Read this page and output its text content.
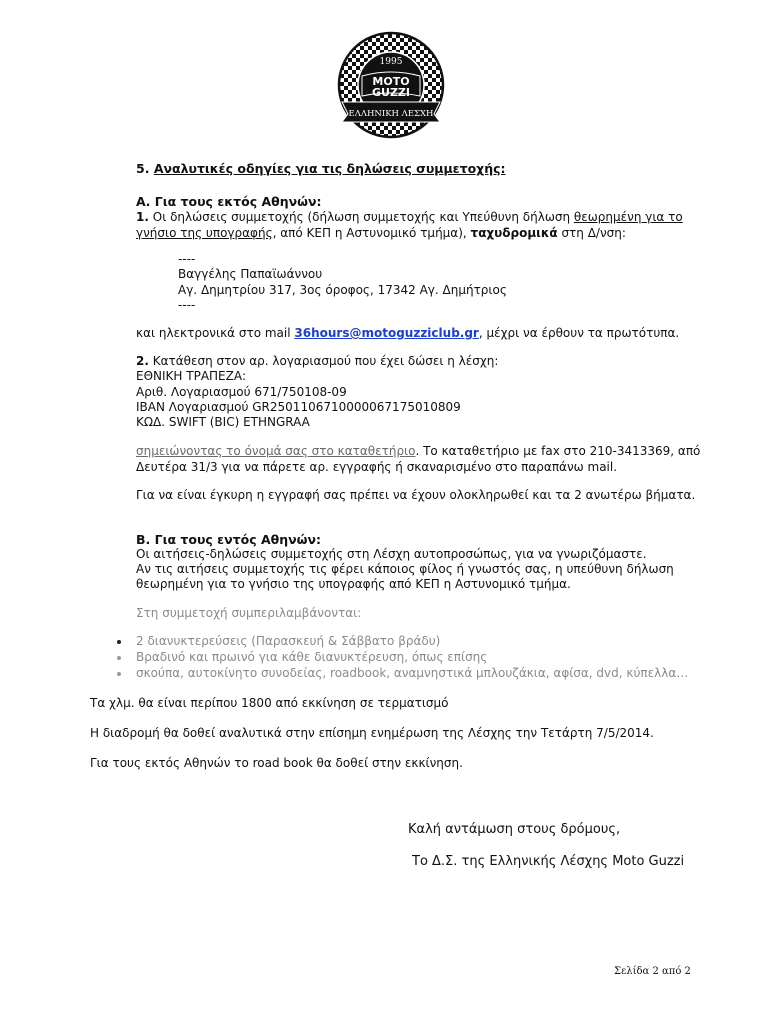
1995
MOTO
GUZZI
ΕΛΛΗΝΙΚΗ ΛΕΣΧΗ
5. Αναλυτικές οδηγίες για τις δηλώσεις συμμετοχής:
Α. Για τους εκτός Αθηνών:
1. Οι δηλώσεις συμμετοχής (δήλωση συμμετοχής και Υπεύθυνη δήλωση θεωρημένη για το
γνήσιο της υπογραφής, από ΚΕΠ η Αστυνομικό τμήμα), ταχυδρομικά στη Δ/νση:
----
Βαγγέλης Παπαϊωάννου
Αγ. Δημητρίου 317, 3ος όροφος, 17342 Αγ. Δημήτριος
----
και ηλεκτρονικά στο mail 36hours@motoguzziclub.gr, μέχρι να έρθουν τα πρωτότυπα.
2. Κατάθεση στον αρ. λογαριασμού που έχει δώσει η λέσχη:
ΕΘΝΙΚΗ ΤΡΑΠΕΖΑ:
Αριθ. Λογαριασμού 671/750108-09
IBAN Λογαριασμού GR2501106710000067175010809
ΚΩΔ. SWIFT (BIC) ETHNGRAA
σημειώνοντας το όνομά σας στο καταθετήριο. Το καταθετήριο με fax στο 210-3413369, από
Δευτέρα 31/3 για να πάρετε αρ. εγγραφής ή σκαναρισμένο στο παραπάνω mail.
Για να είναι έγκυρη η εγγραφή σας πρέπει να έχουν ολοκληρωθεί και τα 2 ανωτέρω βήματα.
Β. Για τους εντός Αθηνών:
Οι αιτήσεις-δηλώσεις συμμετοχής στη Λέσχη αυτοπροσώπως, για να γνωριζόμαστε.
Αν τις αιτήσεις συμμετοχής τις φέρει κάποιος φίλος ή γνωστός σας, η υπεύθυνη δήλωση
θεωρημένη για το γνήσιο της υπογραφής από ΚΕΠ η Αστυνομικό τμήμα.
Στη συμμετοχή συμπεριλαμβάνονται:
2 διανυκτερεύσεις (Παρασκευή & Σάββατο βράδυ)
Βραδινό και πρωινό για κάθε διανυκτέρευση, όπως επίσης
σκούπα, αυτοκίνητο συνοδείας, roadbook, αναμνηστικά μπλουζάκια, αφίσα, dvd, κύπελλα…
Τα χλμ. θα είναι περίπου 1800 από εκκίνηση σε τερματισμό
Η διαδρομή θα δοθεί αναλυτικά στην επίσημη ενημέρωση της Λέσχης την Τετάρτη 7/5/2014.
Για τους εκτός Αθηνών το road book θα δοθεί στην εκκίνηση.
Καλή αντάμωση στους δρόμους,
Το Δ.Σ. της Ελληνικής Λέσχης Moto Guzzi
Σελίδα 2 από 2
